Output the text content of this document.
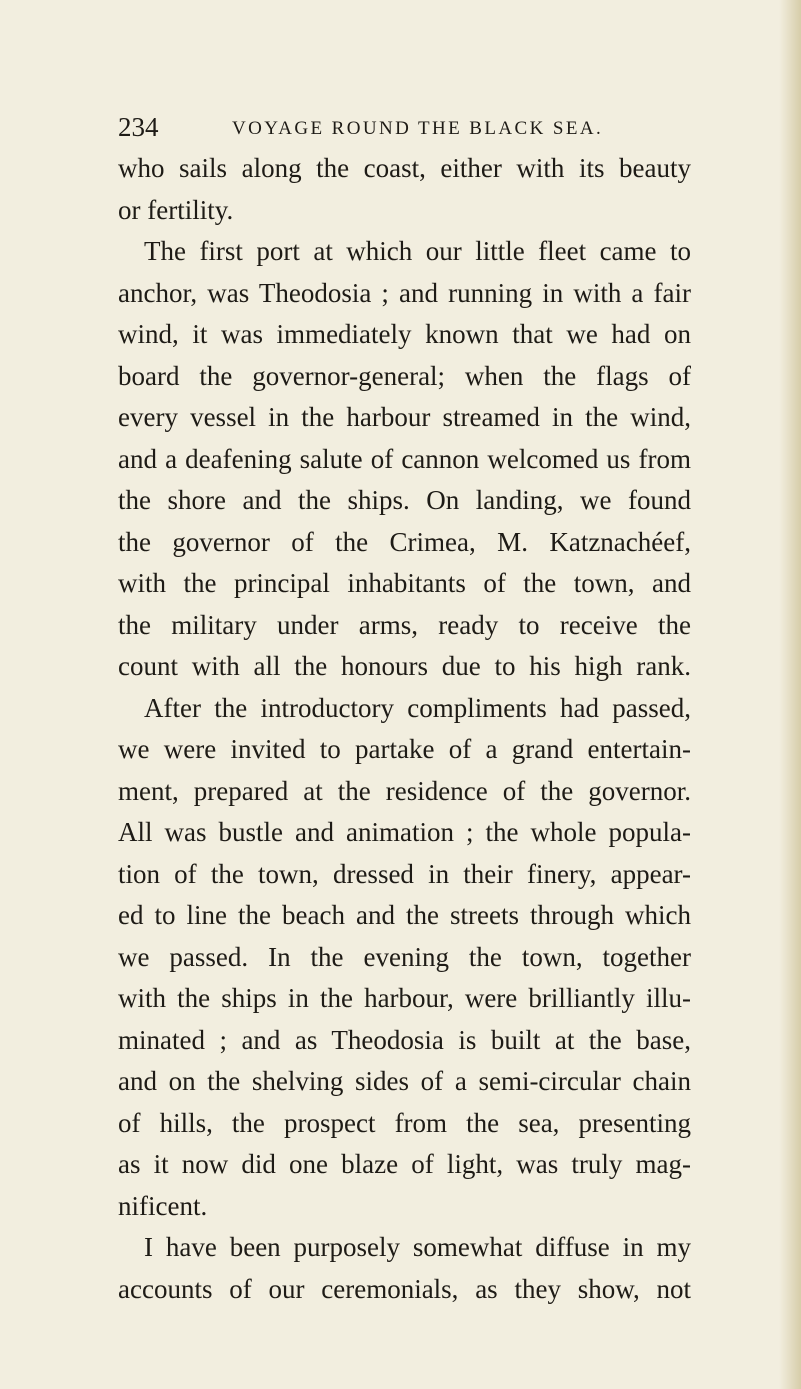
234	VOYAGE ROUND THE BLACK SEA.
who sails along the coast, either with its beauty
or fertility.
The first port at which our little fleet came to
anchor, was Theodosia ; and running in with a fair
wind, it was immediately known that we had on
board the governor-general; when the flags of
every vessel in the harbour streamed in the wind,
and a deafening salute of cannon welcomed us from
the shore and the ships. On landing, we found
the governor of the Crimea, M. Katznachéef,
with the principal inhabitants of the town, and
the military under arms, ready to receive the
count with all the honours due to his high rank.
After the introductory compliments had passed,
we were invited to partake of a grand entertain-
ment, prepared at the residence of the governor.
All was bustle and animation ; the whole popula-
tion of the town, dressed in their finery, appear-
ed to line the beach and the streets through which
we passed. In the evening the town, together
with the ships in the harbour, were brilliantly illu-
minated ; and as Theodosia is built at the base,
and on the shelving sides of a semi-circular chain
of hills, the prospect from the sea, presenting
as it now did one blaze of light, was truly mag-
nificent.
I have been purposely somewhat diffuse in my
accounts of our ceremonials, as they show, not
